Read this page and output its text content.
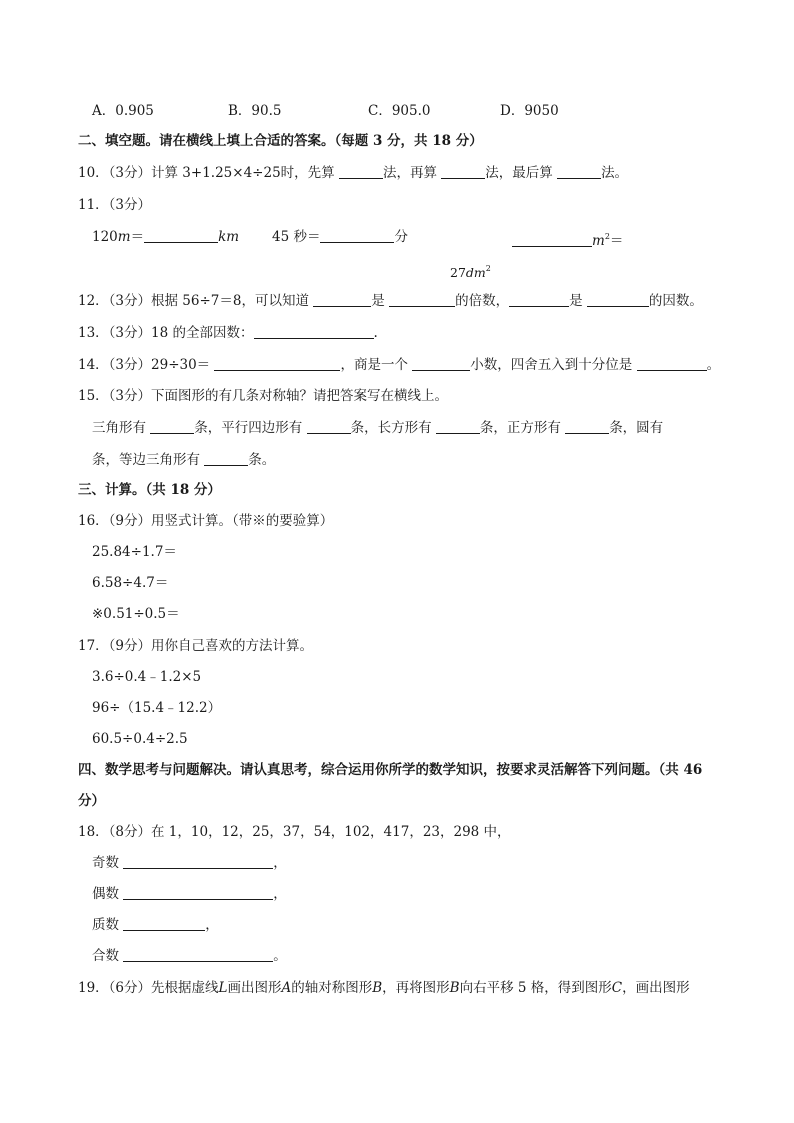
A．0.905	B．90.5	C．905.0	D．9050
二、填空题。请在横线上填上合适的答案。（每题 3 分，共 18 分）
10．（3分）计算 3+1.25×4÷25时，先算	法，再算	法，最后算	法。
11．（3分）
120m＝	km 45 秒＝	分	$m^2=$
$27dm^2$
12．（3分）根据 56÷7＝8，可以知道	是	的倍数，	是	的因数。
13．（3分）18 的全部因数：	.
14．（3分）29÷30＝	，商是一个	小数，四舍五入到十分位是	。
15．（3分）下面图形的有几条对称轴？请把答案写在横线上。
三角形有	条，平行四边形有	条，长方形有	条，正方形有	条，圆有
条，等边三角形有	条。
三、计算。（共 18 分）
16．（9分）用竖式计算。（带※的要验算）
25.84÷1.7＝
6.58÷4.7＝
※0.51÷0.5＝
17．（9分）用你自己喜欢的方法计算。
3.6÷0.4﹣1.2×5
96÷（15.4﹣12.2）
60.5÷0.4÷2.5
四、数学思考与问题解决。请认真思考，综合运用你所学的数学知识，按要求灵活解答下列问题。（共 46
分）
18．（8分）在 1，10，12，25，37，54，102，417，23，298 中，
奇数	，
偶数	，
质数	，
合数	。
19．（6分）先根据虚线L画出图形A的轴对称图形B，再将图形B向右平移 5 格，得到图形C，画出图形
